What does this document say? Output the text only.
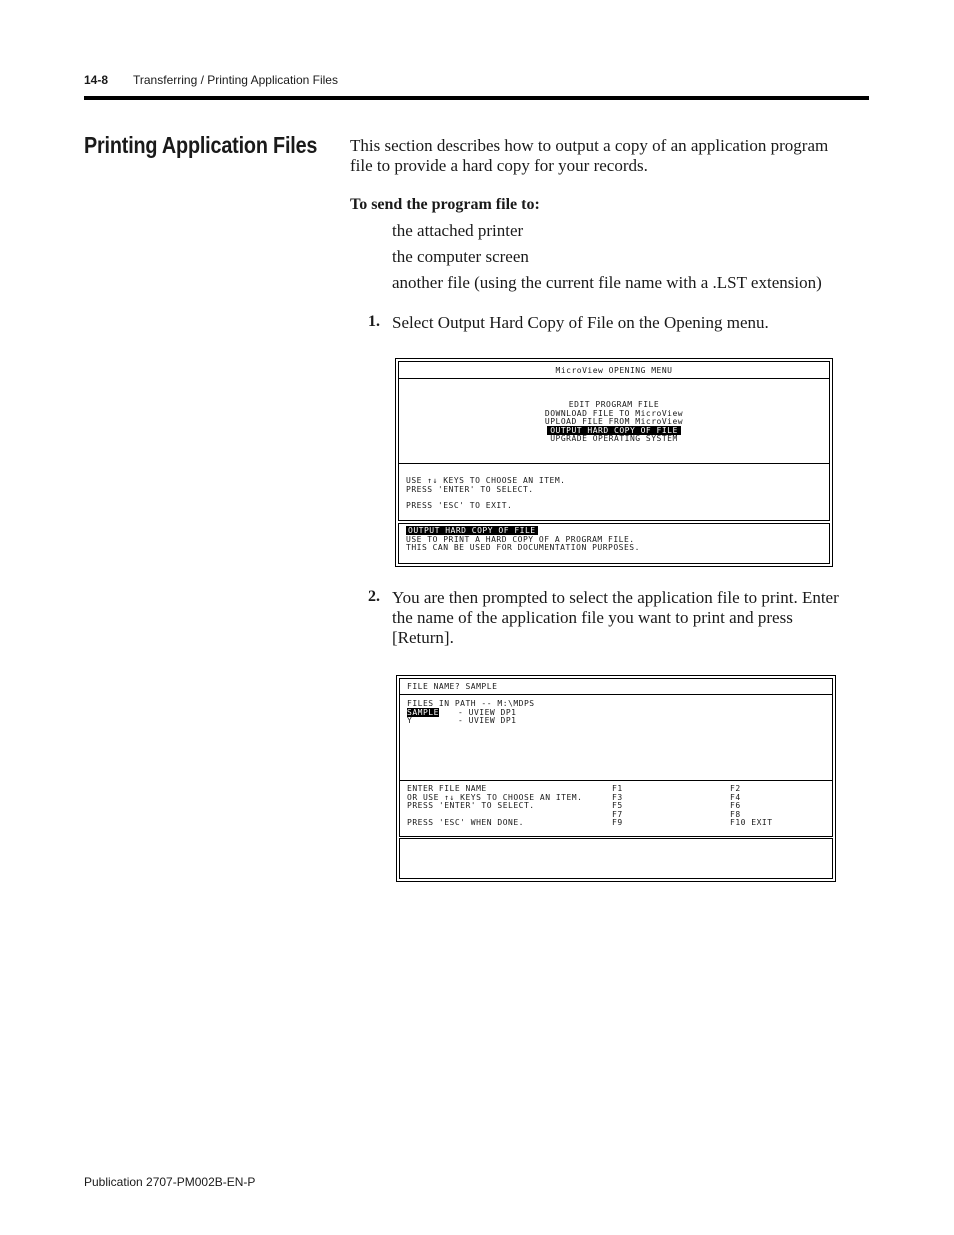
14-8 Transferring / Printing Application Files
Printing Application Files This section describes how to output a copy of an application program file to provide a hard copy for your records.

To send the program file to:

the attached printer

the computer screen

another file (using the current file name with a .LST extension)

1. Select Output Hard Copy of File on the Opening menu.
MicroView OPENING MENU
EDIT PROGRAM FILE
DOWNLOAD FILE TO MicroView
UPLOAD FILE FROM MicroView
OUTPUT HARD COPY OF FILE
UPGRADE OPERATING SYSTEM
USE ↑↓ KEYS TO CHOOSE AN ITEM.
PRESS 'ENTER' TO SELECT.
PRESS 'ESC' TO EXIT.
OUTPUT HARD COPY OF FILE
USE TO PRINT A HARD COPY OF A PROGRAM FILE.
THIS CAN BE USED FOR DOCUMENTATION PURPOSES.
2. You are then prompted to select the application file to print. Enter the name of the application file you want to print and press [Return].
FILE NAME? SAMPLE
FILES IN PATH -- M:\MDPS
SAMPLE - UVIEW DP1
Y	- UVIEW DP1
ENTER FILE NAME
OR USE ↑↓ KEYS TO CHOOSE AN ITEM.
PRESS 'ENTER' TO SELECT.
PRESS 'ESC' WHEN DONE.
F1
F3
F5
F7
F9
F2
F4
F6
F8
F10 EXIT
Publication 2707-PM002B-EN-P
